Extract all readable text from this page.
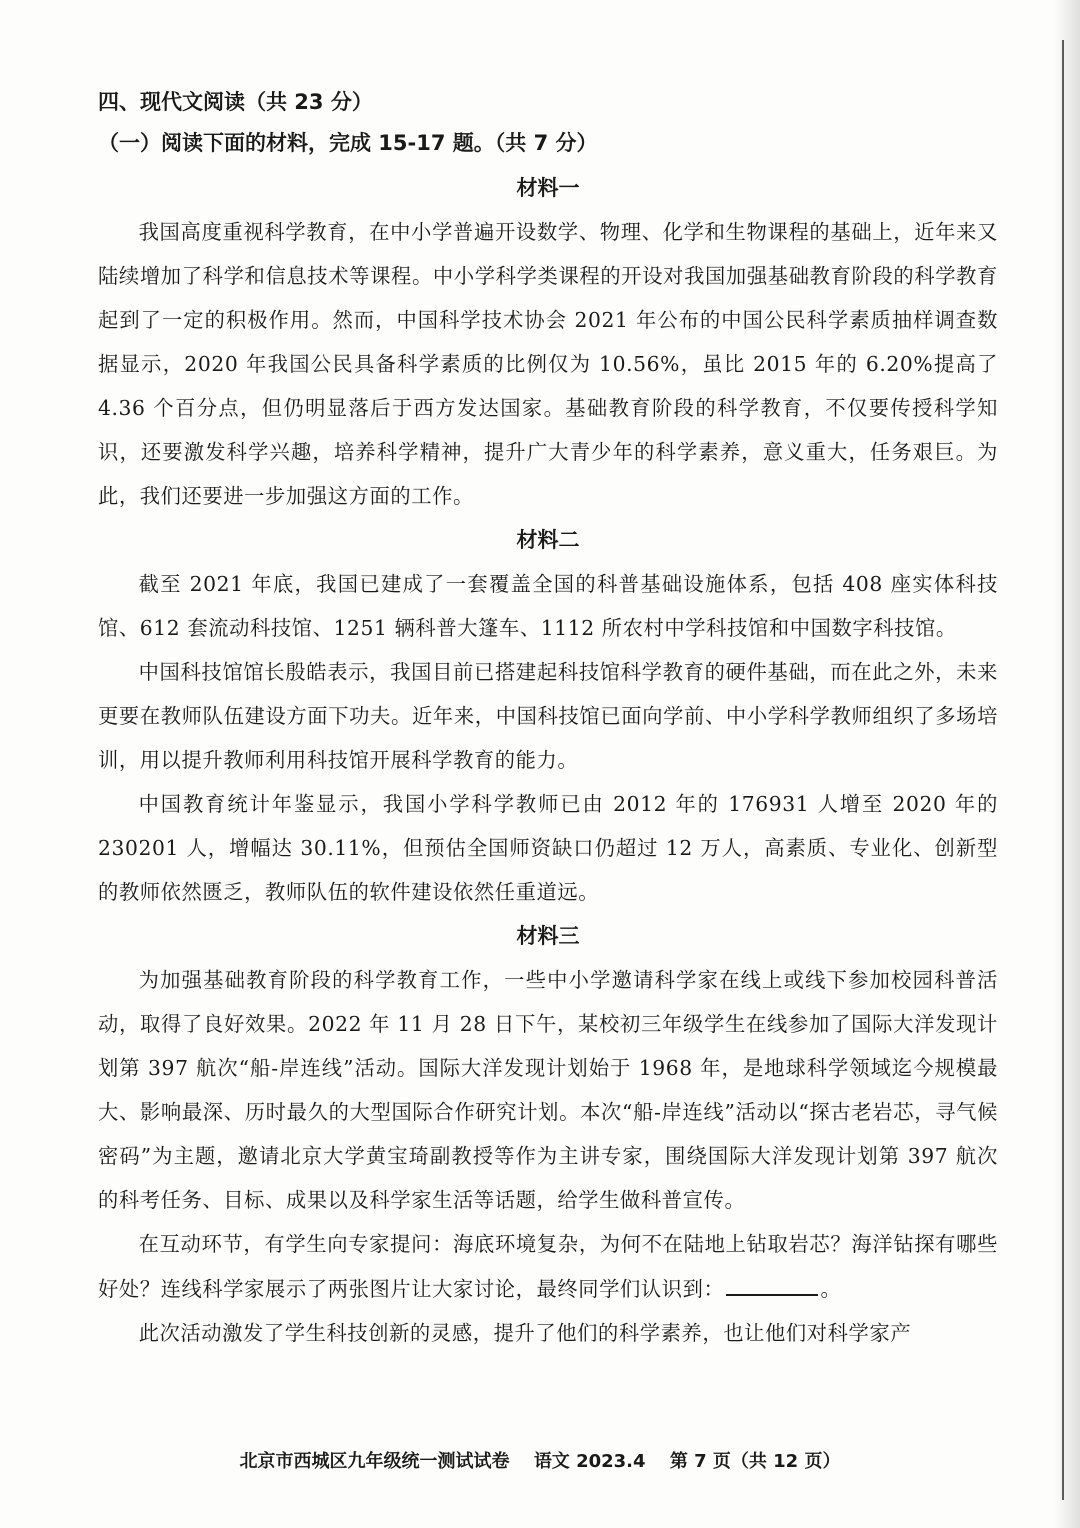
四、现代文阅读（共 23 分）
（一）阅读下面的材料，完成 15-17 题。（共 7 分）
材料一

我国高度重视科学教育，在中小学普遍开设数学、物理、化学和生物课程的基础上，近年来又陆续增加了科学和信息技术等课程。中小学科学类课程的开设对我国加强基础教育阶段的科学教育起到了一定的积极作用。然而，中国科学技术协会 2021 年公布的中国公民科学素质抽样调查数据显示，2020 年我国公民具备科学素质的比例仅为 10.56%，虽比 2015 年的 6.20%提高了 4.36 个百分点，但仍明显落后于西方发达国家。基础教育阶段的科学教育，不仅要传授科学知识，还要激发科学兴趣，培养科学精神，提升广大青少年的科学素养，意义重大，任务艰巨。为此，我们还要进一步加强这方面的工作。

材料二

截至 2021 年底，我国已建成了一套覆盖全国的科普基础设施体系，包括 408 座实体科技馆、612 套流动科技馆、1251 辆科普大篷车、1112 所农村中学科技馆和中国数字科技馆。

中国科技馆馆长殷皓表示，我国目前已搭建起科技馆科学教育的硬件基础，而在此之外，未来更要在教师队伍建设方面下功夫。近年来，中国科技馆已面向学前、中小学科学教师组织了多场培训，用以提升教师利用科技馆开展科学教育的能力。

中国教育统计年鉴显示，我国小学科学教师已由 2012 年的 176931 人增至 2020 年的 230201 人，增幅达 30.11%，但预估全国师资缺口仍超过 12 万人，高素质、专业化、创新型的教师依然匮乏，教师队伍的软件建设依然任重道远。

材料三

为加强基础教育阶段的科学教育工作，一些中小学邀请科学家在线上或线下参加校园科普活动，取得了良好效果。2022 年 11 月 28 日下午，某校初三年级学生在线参加了国际大洋发现计划第 397 航次“船-岸连线”活动。国际大洋发现计划始于 1968 年，是地球科学领域迄今规模最大、影响最深、历时最久的大型国际合作研究计划。本次“船-岸连线”活动以“探古老岩芯，寻气候密码”为主题，邀请北京大学黄宝琦副教授等作为主讲专家，围绕国际大洋发现计划第 397 航次的科考任务、目标、成果以及科学家生活等话题，给学生做科普宣传。

在互动环节，有学生向专家提问：海底环境复杂，为何不在陆地上钻取岩芯？海洋钻探有哪些好处？连线科学家展示了两张图片让大家讨论，最终同学们认识到：	。

此次活动激发了学生科技创新的灵感，提升了他们的科学素养，也让他们对科学家产

北京市西城区九年级统一测试试卷 语文 2023.4 第 7 页（共 12 页）
